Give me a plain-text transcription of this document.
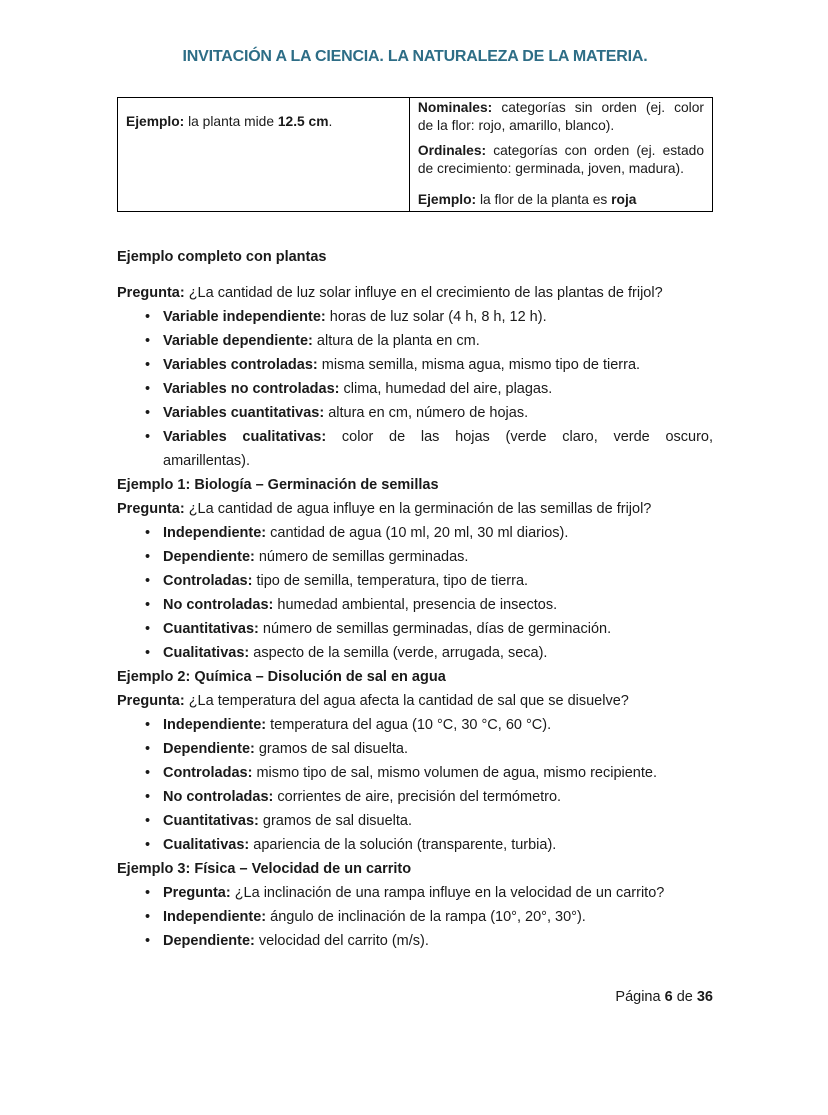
INVITACIÓN A LA CIENCIA. LA NATURALEZA DE LA MATERIA.

Ejemplo: la planta mide 12.5 cm.

Nominales: categorías sin orden (ej. color
de la flor: rojo, amarillo, blanco).

Ordinales: categorías con orden (ej. estado
de crecimiento: germinada, joven, madura).

Ejemplo: la flor de la planta es roja

Ejemplo completo con plantas

Pregunta: ¿La cantidad de luz solar influye en el crecimiento de las plantas de frijol?

• Variable independiente: horas de luz solar (4 h, 8 h, 12 h).
• Variable dependiente: altura de la planta en cm.
• Variables controladas: misma semilla, misma agua, mismo tipo de tierra.
• Variables no controladas: clima, humedad del aire, plagas.
• Variables cuantitativas: altura en cm, número de hojas.
• Variables cualitativas: color de las hojas (verde claro, verde oscuro,
amarillentas).
Ejemplo 1: Biología – Germinación de semillas

Pregunta: ¿La cantidad de agua influye en la germinación de las semillas de frijol?

• Independiente: cantidad de agua (10 ml, 20 ml, 30 ml diarios).
• Dependiente: número de semillas germinadas.
• Controladas: tipo de semilla, temperatura, tipo de tierra.
• No controladas: humedad ambiental, presencia de insectos.
• Cuantitativas: número de semillas germinadas, días de germinación.
• Cualitativas: aspecto de la semilla (verde, arrugada, seca).
Ejemplo 2: Química – Disolución de sal en agua

Pregunta: ¿La temperatura del agua afecta la cantidad de sal que se disuelve?

• Independiente: temperatura del agua (10 °C, 30 °C, 60 °C).
• Dependiente: gramos de sal disuelta.
• Controladas: mismo tipo de sal, mismo volumen de agua, mismo recipiente.
• No controladas: corrientes de aire, precisión del termómetro.
• Cuantitativas: gramos de sal disuelta.
• Cualitativas: apariencia de la solución (transparente, turbia).
Ejemplo 3: Física – Velocidad de un carrito
• Pregunta: ¿La inclinación de una rampa influye en la velocidad de un carrito?
• Independiente: ángulo de inclinación de la rampa (10°, 20°, 30°).
• Dependiente: velocidad del carrito (m/s).
Página 6 de 36
